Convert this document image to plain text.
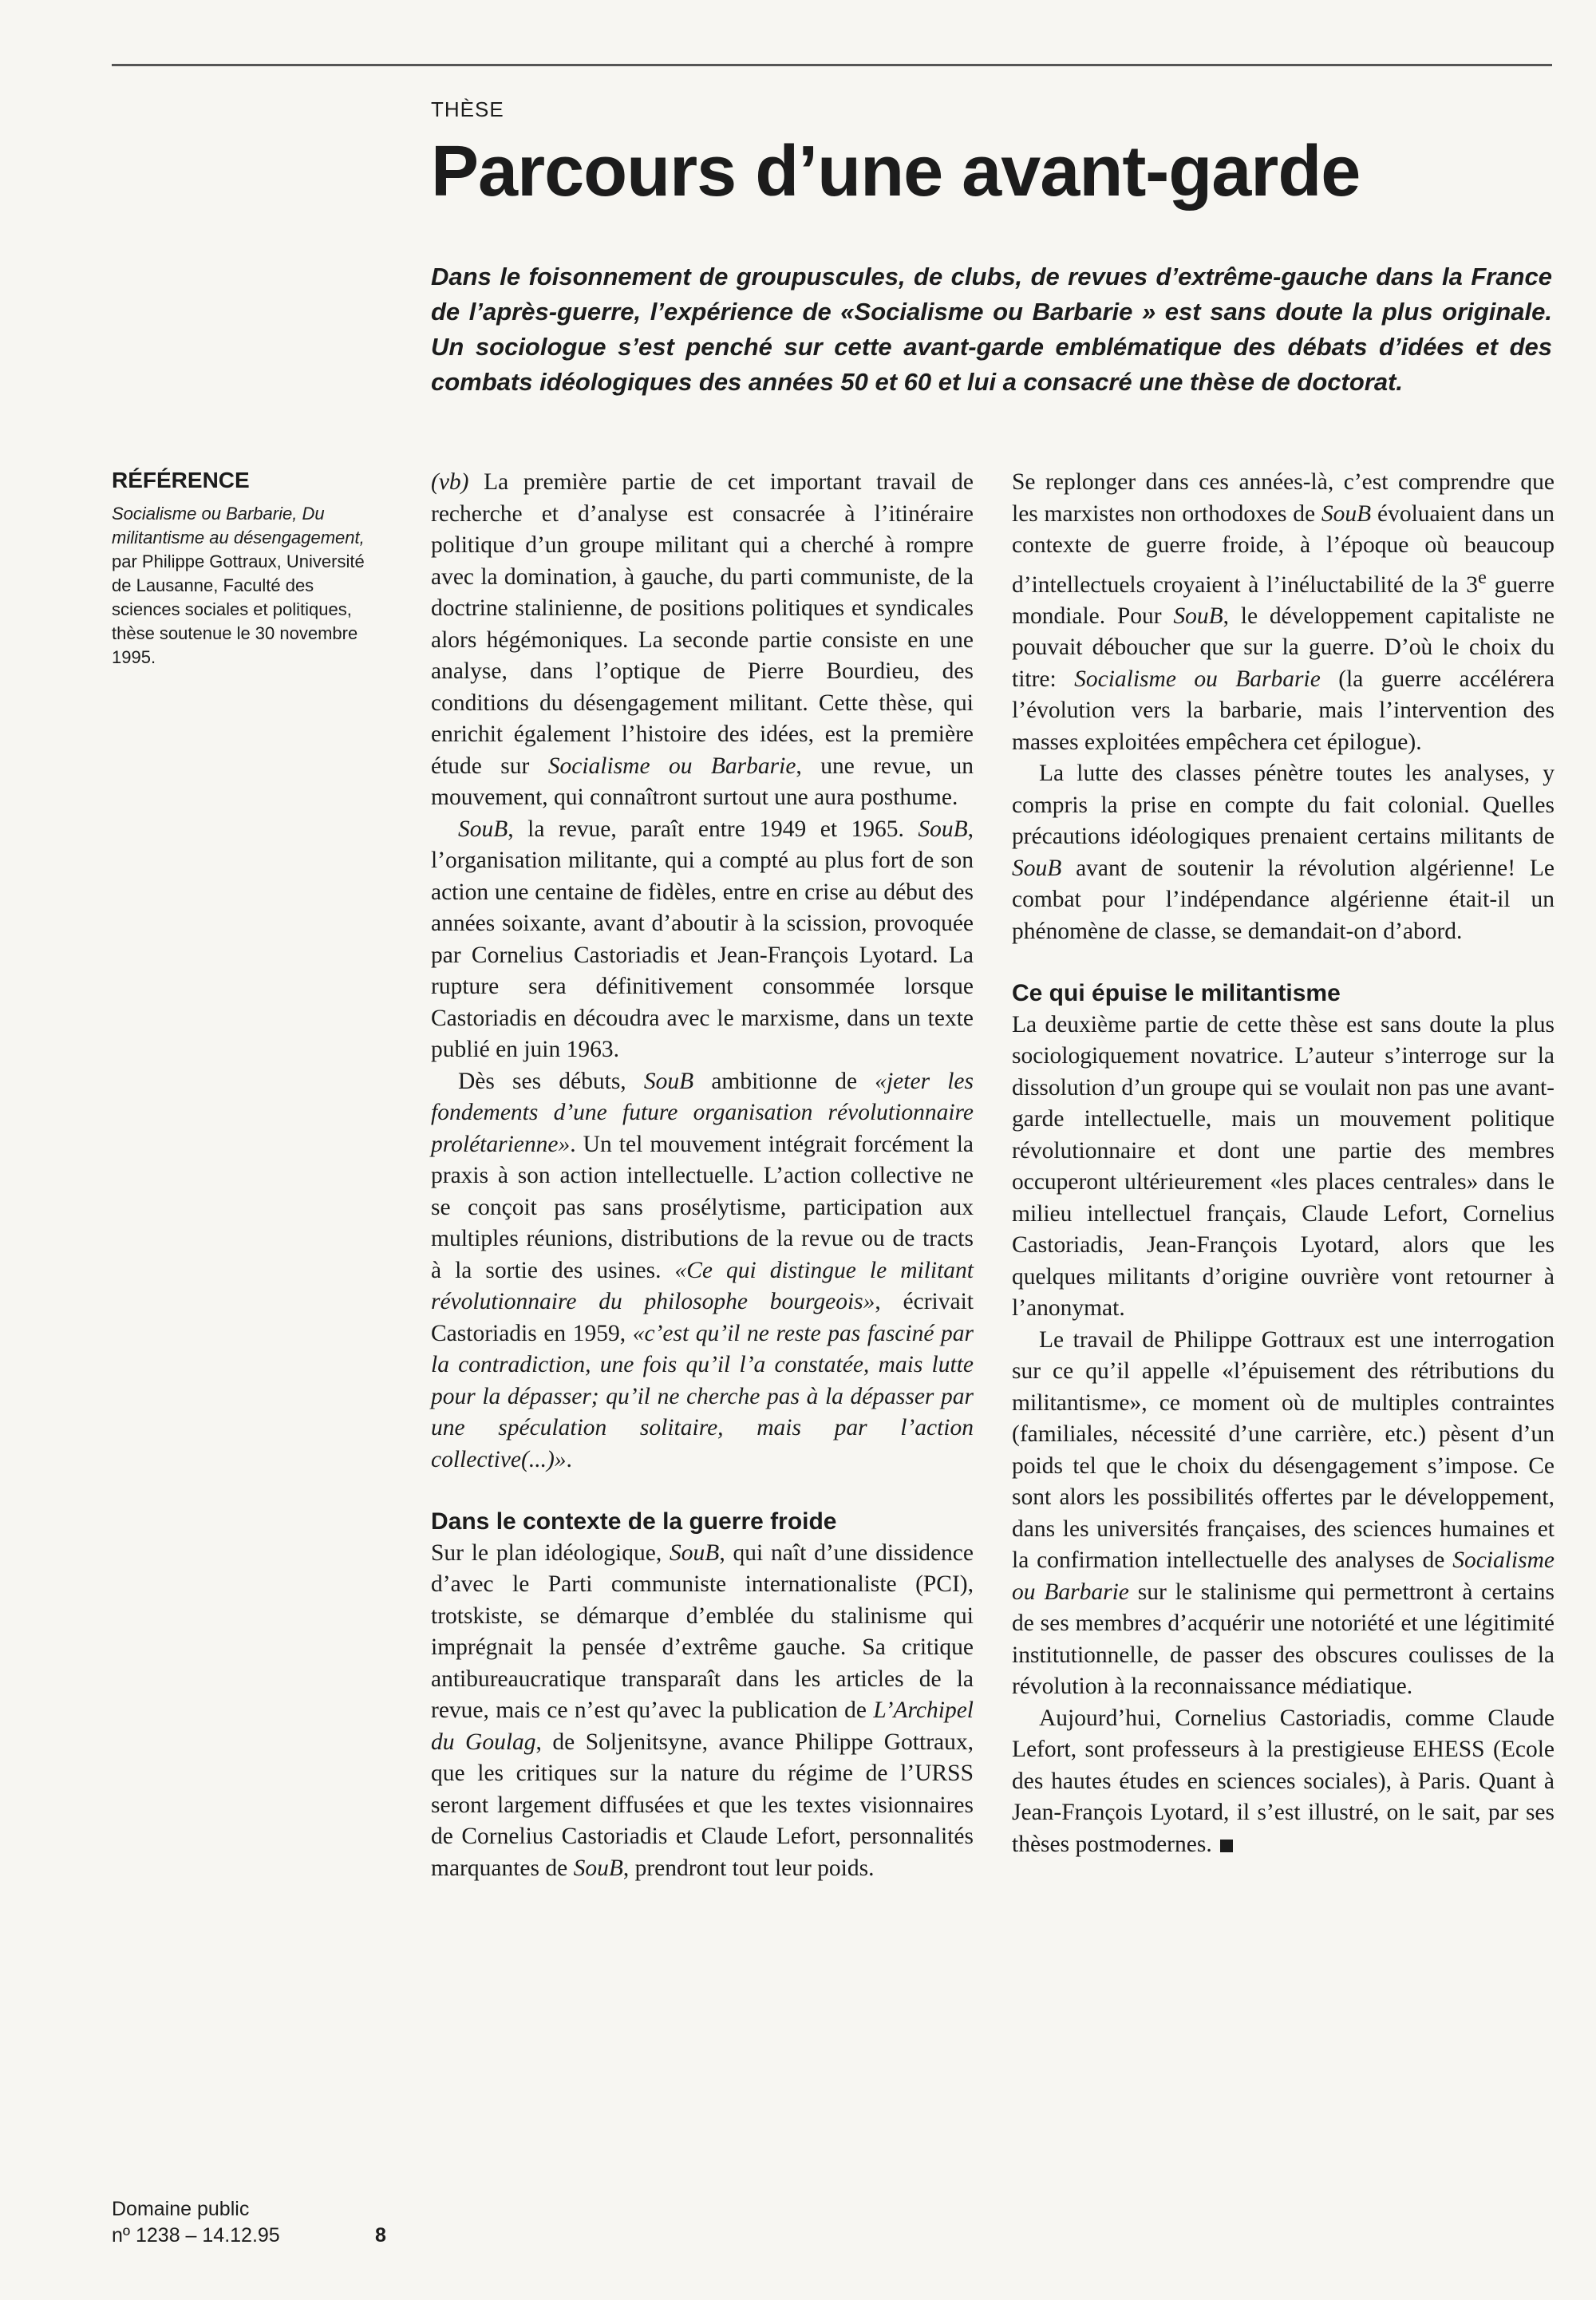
THÈSE
Parcours d’une avant-garde

Dans le foisonnement de groupuscules, de clubs, de revues d’extrême-gauche dans la France de l’après-guerre, l’expérience de «Socialisme ou Barbarie » est sans doute la plus originale. Un sociologue s’est penché sur cette avant-garde emblématique des débats d’idées et des combats idéologiques des années 50 et 60 et lui a consacré une thèse de doctorat.

RÉFÉRENCE
Socialisme ou Barbarie, Du militantisme au désengagement, par Philippe Gottraux, Université de Lausanne, Faculté des sciences sociales et politiques, thèse soutenue le 30 novembre 1995.

(vb) La première partie de cet important travail de recherche et d’analyse est consacrée à l’itinéraire politique d’un groupe militant qui a cherché à rompre avec la domination, à gauche, du parti communiste, de la doctrine stalinienne, de positions politiques et syndicales alors hégémoniques. La seconde partie consiste en une analyse, dans l’optique de Pierre Bourdieu, des conditions du désengagement militant. Cette thèse, qui enrichit également l’histoire des idées, est la première étude sur Socialisme ou Barbarie, une revue, un mouvement, qui connaîtront surtout une aura posthume.

SouB, la revue, paraît entre 1949 et 1965. SouB, l’organisation militante, qui a compté au plus fort de son action une centaine de fidèles, entre en crise au début des années soixante, avant d’aboutir à la scission, provoquée par Cornelius Castoriadis et Jean-François Lyotard. La rupture sera définitivement consommée lorsque Castoriadis en découdra avec le marxisme, dans un texte publié en juin 1963.

Dès ses débuts, SouB ambitionne de «jeter les fondements d’une future organisation révolutionnaire prolétarienne». Un tel mouvement intégrait forcément la praxis à son action intellectuelle. L’action collective ne se conçoit pas sans prosélytisme, participation aux multiples réunions, distributions de la revue ou de tracts à la sortie des usines. «Ce qui distingue le militant révolutionnaire du philosophe bourgeois», écrivait Castoriadis en 1959, «c’est qu’il ne reste pas fasciné par la contradiction, une fois qu’il l’a constatée, mais lutte pour la dépasser; qu’il ne cherche pas à la dépasser par une spéculation solitaire, mais par l’action collective(...)».

Dans le contexte de la guerre froide

Sur le plan idéologique, SouB, qui naît d’une dissidence d’avec le Parti communiste internationaliste (PCI), trotskiste, se démarque d’emblée du stalinisme qui imprégnait la pensée d’extrême gauche. Sa critique antibureaucratique transparaît dans les articles de la revue, mais ce n’est qu’avec la publication de L’Archipel du Goulag, de Soljenitsyne, avance Philippe Gottraux, que les critiques sur la nature du régime de l’URSS seront largement diffusées et que les textes visionnaires de Cornelius Castoriadis et Claude Lefort, personnalités marquantes de SouB, prendront tout leur poids.

Se replonger dans ces années-là, c’est comprendre que les marxistes non orthodoxes de SouB évoluaient dans un contexte de guerre froide, à l’époque où beaucoup d’intellectuels croyaient à l’inéluctabilité de la 3e guerre mondiale. Pour SouB, le développement capitaliste ne pouvait déboucher que sur la guerre. D’où le choix du titre: Socialisme ou Barbarie (la guerre accélérera l’évolution vers la barbarie, mais l’intervention des masses exploitées empêchera cet épilogue).

La lutte des classes pénètre toutes les analyses, y compris la prise en compte du fait colonial. Quelles précautions idéologiques prenaient certains militants de SouB avant de soutenir la révolution algérienne! Le combat pour l’indépendance algérienne était-il un phénomène de classe, se demandait-on d’abord.

Ce qui épuise le militantisme

La deuxième partie de cette thèse est sans doute la plus sociologiquement novatrice. L’auteur s’interroge sur la dissolution d’un groupe qui se voulait non pas une avant-garde intellectuelle, mais un mouvement politique révolutionnaire et dont une partie des membres occuperont ultérieurement «les places centrales» dans le milieu intellectuel français, Claude Lefort, Cornelius Castoriadis, Jean-François Lyotard, alors que les quelques militants d’origine ouvrière vont retourner à l’anonymat.

Le travail de Philippe Gottraux est une interrogation sur ce qu’il appelle «l’épuisement des rétributions du militantisme», ce moment où de multiples contraintes (familiales, nécessité d’une carrière, etc.) pèsent d’un poids tel que le choix du désengagement s’impose. Ce sont alors les possibilités offertes par le développement, dans les universités françaises, des sciences humaines et la confirmation intellectuelle des analyses de Socialisme ou Barbarie sur le stalinisme qui permettront à certains de ses membres d’acquérir une notoriété et une légitimité institutionnelle, de passer des obscures coulisses de la révolution à la reconnaissance médiatique.

Aujourd’hui, Cornelius Castoriadis, comme Claude Lefort, sont professeurs à la prestigieuse EHESS (Ecole des hautes études en sciences sociales), à Paris. Quant à Jean-François Lyotard, il s’est illustré, on le sait, par ses thèses postmodernes.

Domaine public
nº 1238 – 14.12.95	8
